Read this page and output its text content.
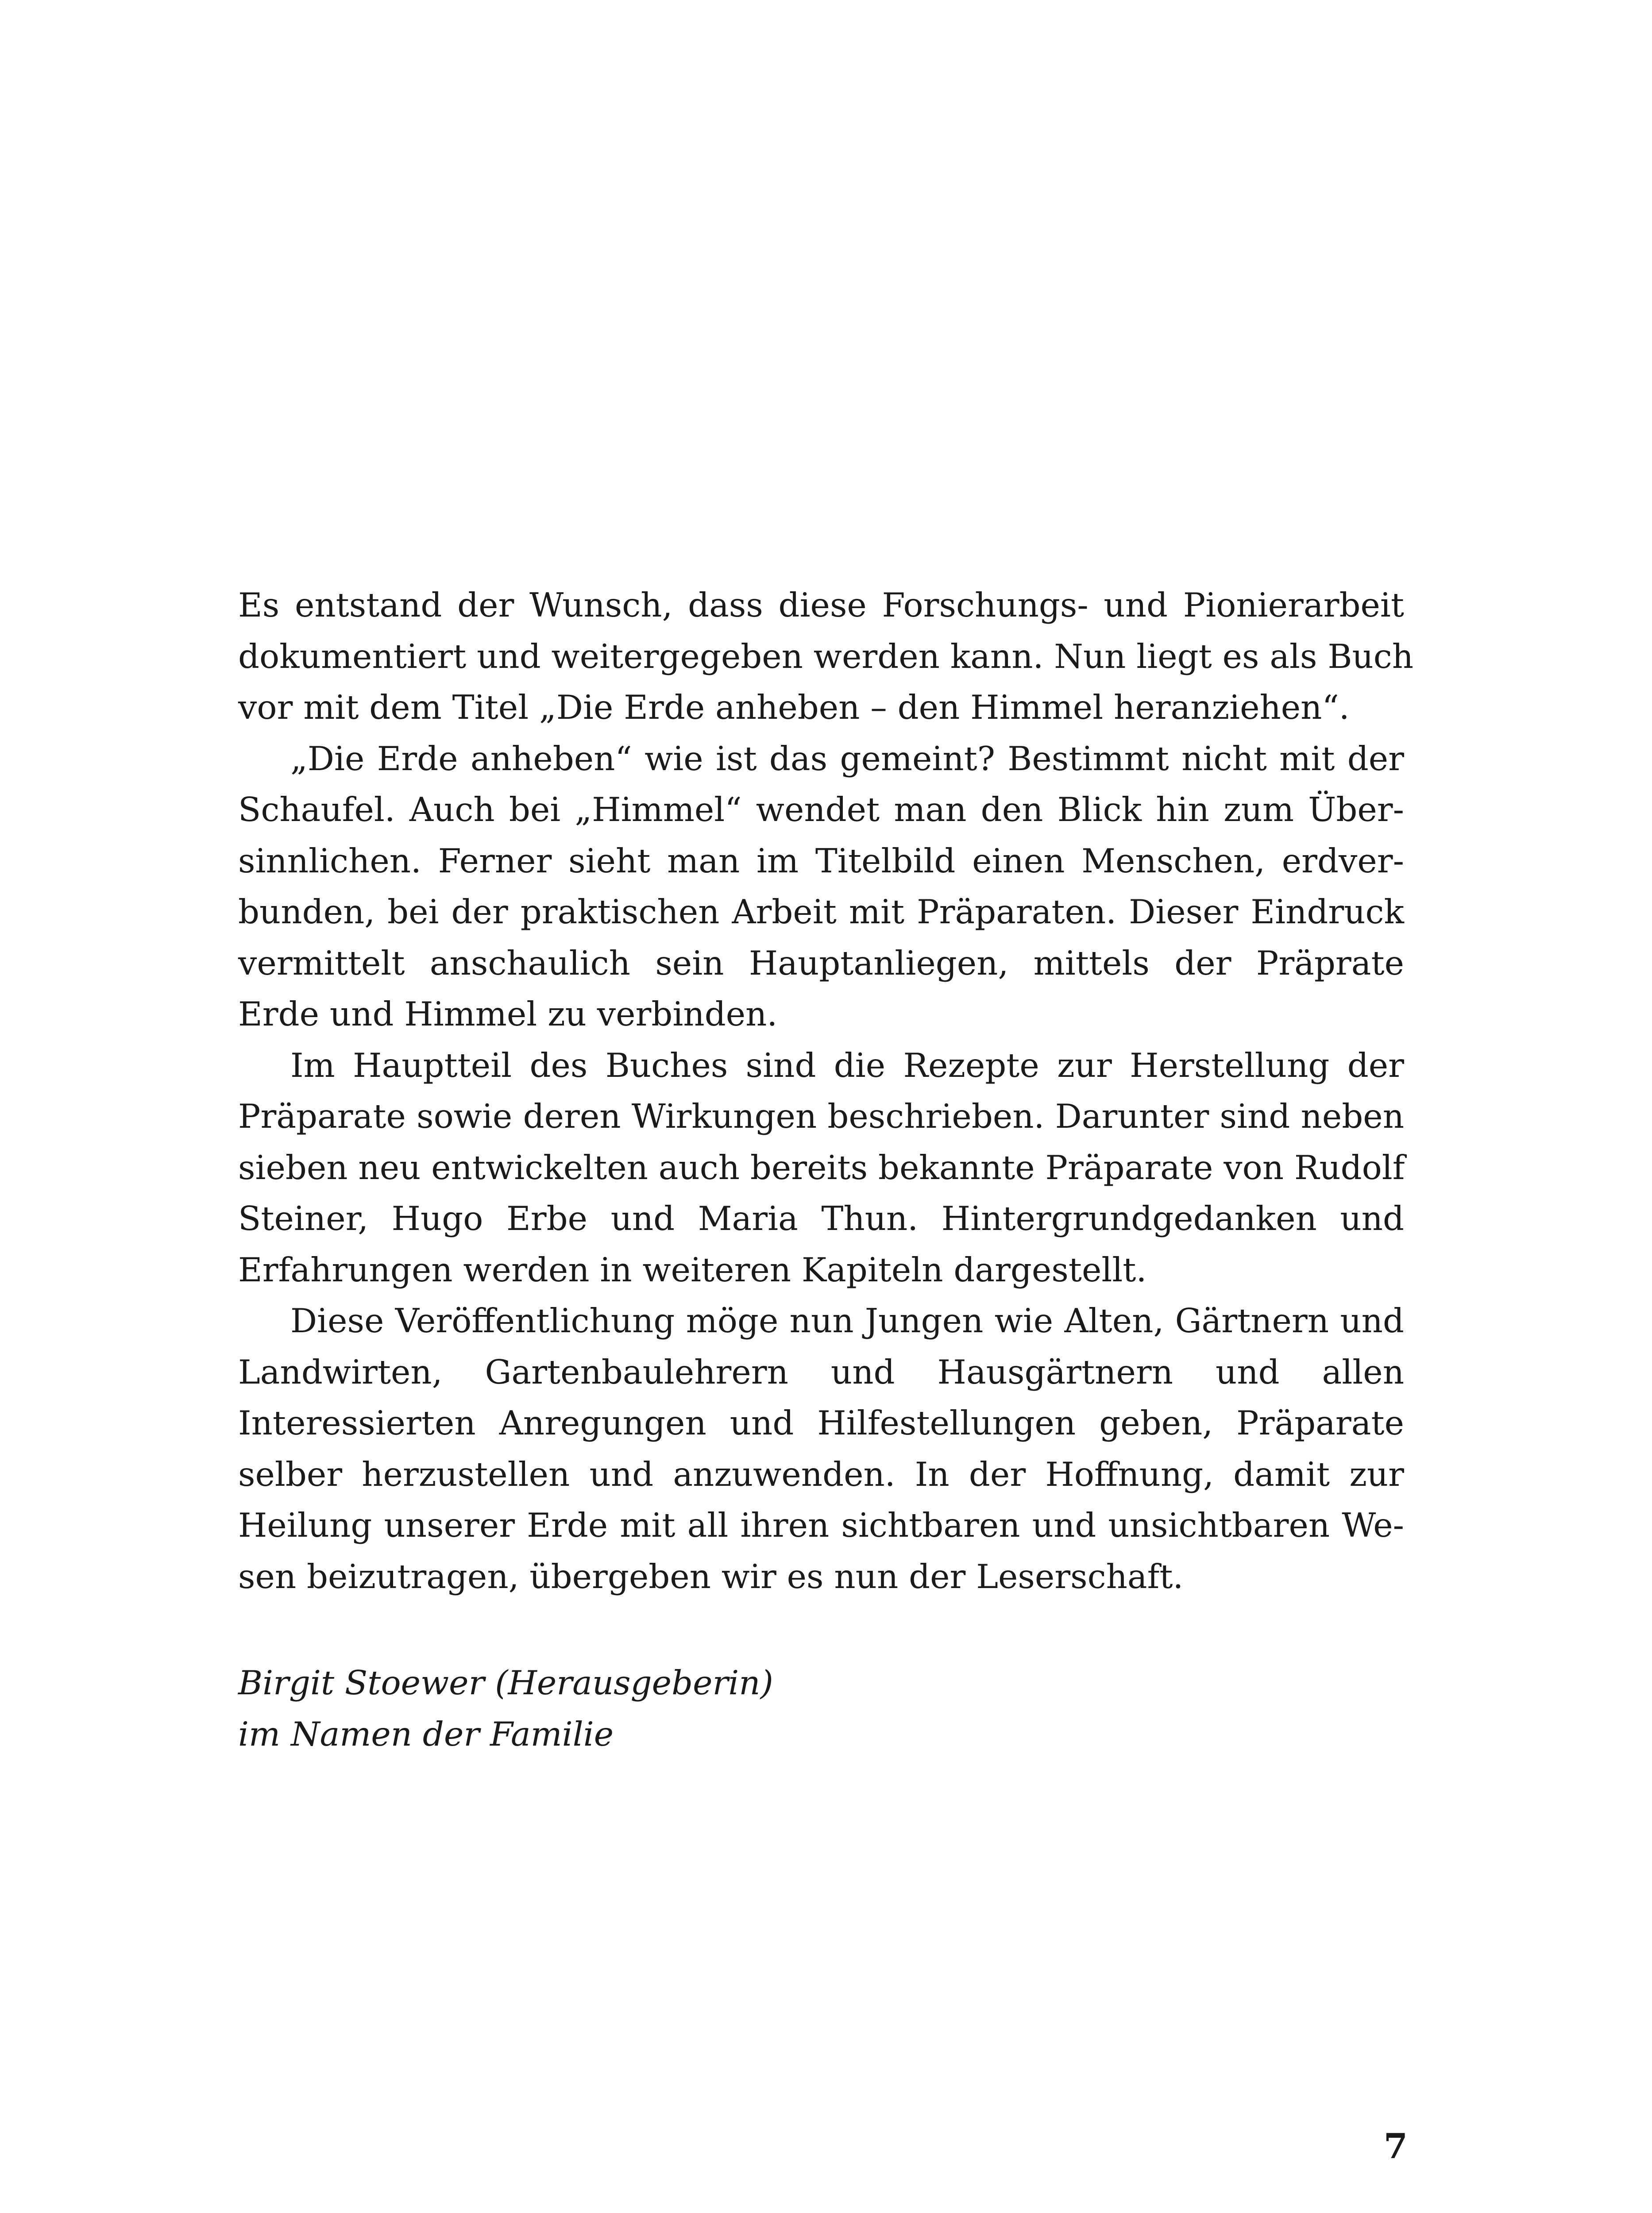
Es entstand der Wunsch, dass diese Forschungs- und Pionierarbeit
dokumentiert und weitergegeben werden kann. Nun liegt es als Buch
vor mit dem Titel „Die Erde anheben – den Himmel heranziehen“.
„Die Erde anheben“ wie ist das gemeint? Bestimmt nicht mit der
Schaufel. Auch bei „Himmel“ wendet man den Blick hin zum Über-
sinnlichen. Ferner sieht man im Titelbild einen Menschen, erdver-
bunden, bei der praktischen Arbeit mit Präparaten. Dieser Eindruck
vermittelt anschaulich sein Hauptanliegen, mittels der Präprate
Erde und Himmel zu verbinden.
Im Hauptteil des Buches sind die Rezepte zur Herstellung der
Präparate sowie deren Wirkungen beschrieben. Darunter sind neben
sieben neu entwickelten auch bereits bekannte Präparate von Rudolf
Steiner, Hugo Erbe und Maria Thun. Hintergrundgedanken und
Erfahrungen werden in weiteren Kapiteln dargestellt.
Diese Veröffentlichung möge nun Jungen wie Alten, Gärtnern und
Landwirten, Gartenbaulehrern und Hausgärtnern und allen
Interessierten Anregungen und Hilfestellungen geben, Präparate
selber herzustellen und anzuwenden. In der Hoffnung, damit zur
Heilung unserer Erde mit all ihren sichtbaren und unsichtbaren We-
sen beizutragen, übergeben wir es nun der Leserschaft.
Birgit Stoewer (Herausgeberin)
im Namen der Familie
7
